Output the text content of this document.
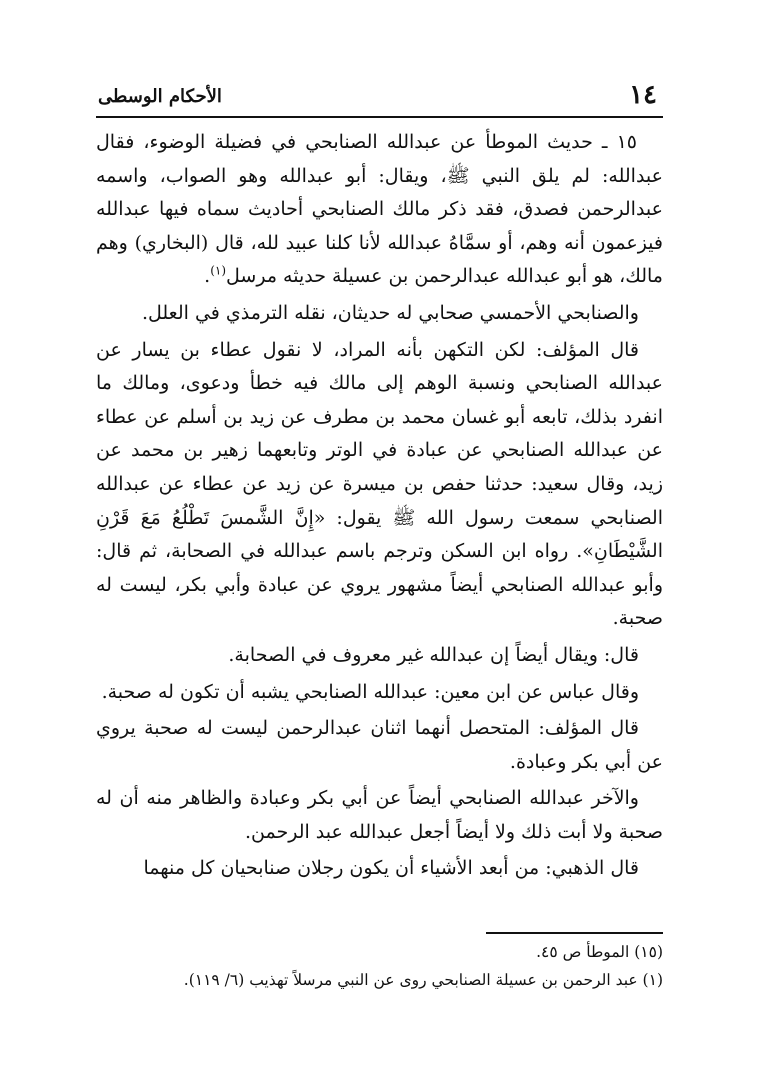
١٤
الأحكام الوسطى

١٥ ـ حديث الموطأ عن عبدالله الصنابحي في فضيلة الوضوء، فقال عبدالله: لم يلق النبي ﷺ، ويقال: أبو عبدالله وهو الصواب، واسمه عبدالرحمن فصدق، فقد ذكر مالك الصنابحي أحاديث سماه فيها عبدالله فيزعمون أنه وهم، أو سمَّاهُ عبدالله لأنا كلنا عبيد لله، قال (البخاري) وهم مالك، هو أبو عبدالله عبدالرحمن بن عسيلة حديثه مرسل$^{(١)}$.

والصنابحي الأحمسي صحابي له حديثان، نقله الترمذي في العلل.

قال المؤلف: لكن التكهن بأنه المراد، لا نقول عطاء بن يسار عن عبدالله الصنابحي ونسبة الوهم إلى مالك فيه خطأ ودعوى، ومالك ما انفرد بذلك، تابعه أبو غسان محمد بن مطرف عن زيد بن أسلم عن عطاء عن عبدالله الصنابحي عن عبادة في الوتر وتابعهما زهير بن محمد عن زيد، وقال سعيد: حدثنا حفص بن ميسرة عن زيد عن عطاء عن عبدالله الصنابحي سمعت رسول الله ﷺ يقول: «إِنَّ الشَّمسَ تَطْلُعُ مَعَ قَرْنِ الشَّيْطَانِ». رواه ابن السكن وترجم باسم عبدالله في الصحابة، ثم قال: وأبو عبدالله الصنابحي أيضاً مشهور يروي عن عبادة وأبي بكر، ليست له صحبة.

قال: ويقال أيضاً إن عبدالله غير معروف في الصحابة.

وقال عباس عن ابن معين: عبدالله الصنابحي يشبه أن تكون له صحبة.

قال المؤلف: المتحصل أنهما اثنان عبدالرحمن ليست له صحبة يروي عن أبي بكر وعبادة.

والآخر عبدالله الصنابحي أيضاً عن أبي بكر وعبادة والظاهر منه أن له صحبة ولا أبت ذلك ولا أيضاً أجعل عبدالله عبد الرحمن.

قال الذهبي: من أبعد الأشياء أن يكون رجلان صنابحيان كل منهما

(١٥) الموطأ ص ٤٥.
(١) عبد الرحمن بن عسيلة الصنابحي روى عن النبي مرسلاً تهذيب (٦/ ١١٩).
